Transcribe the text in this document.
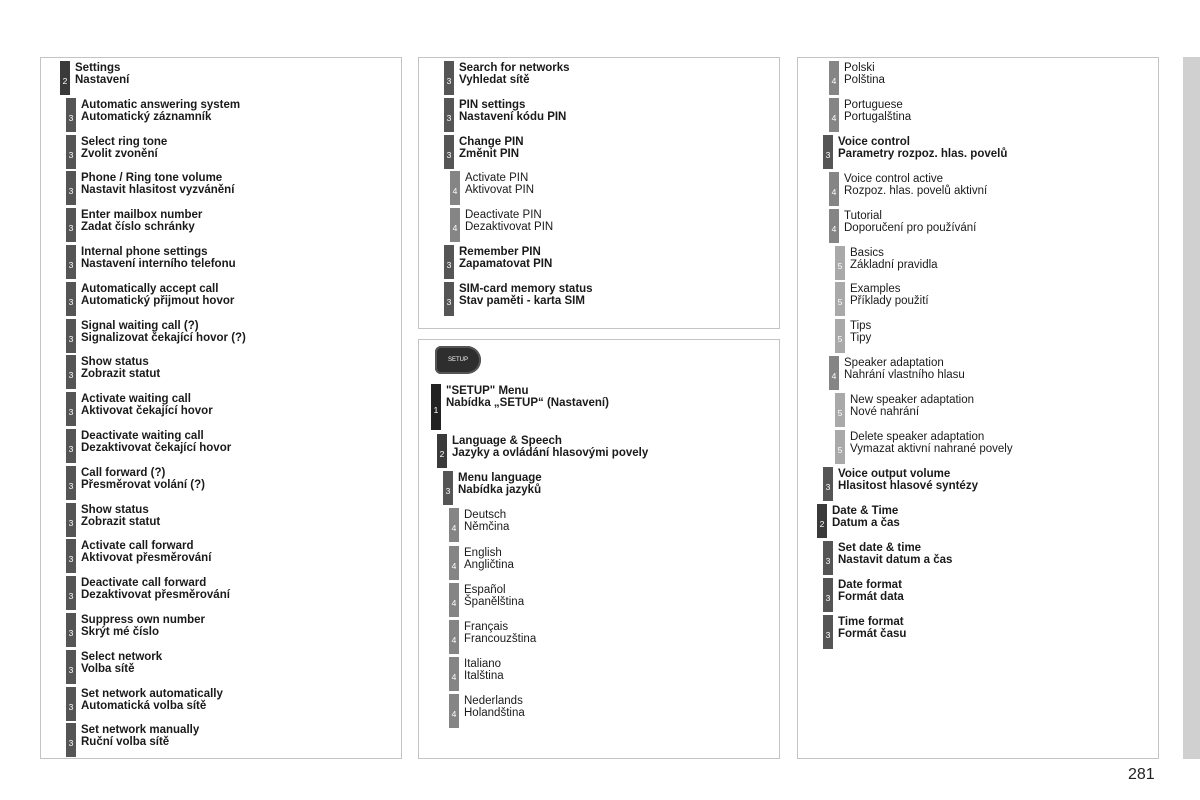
2
Settings
Nastavení
3
Automatic answering system
Automatický záznamník
3
Select ring tone
Zvolit zvonění
3
Phone / Ring tone volume
Nastavit hlasitost vyzvánění
3
Enter mailbox number
Zadat číslo schránky
3
Internal phone settings
Nastavení interního telefonu
3
Automatically accept call
Automatický přijmout hovor
3
Signal waiting call (?)
Signalizovat čekající hovor (?)
3
Show status
Zobrazit statut
3
Activate waiting call
Aktivovat čekající hovor
3
Deactivate waiting call
Dezaktivovat čekající hovor
3
Call forward (?)
Přesměrovat volání (?)
3
Show status
Zobrazit statut
3
Activate call forward
Aktivovat přesměrování
3
Deactivate call forward
Dezaktivovat přesměrování
3
Suppress own number
Skrýt mé číslo
3
Select network
Volba sítě
3
Set network automatically
Automatická volba sítě
3
Set network manually
Ruční volba sítě
3
Search for networks
Vyhledat sítě
3
PIN settings
Nastavení kódu PIN
3
Change PIN
Změnit PIN
4
Activate PIN
Aktivovat PIN
4
Deactivate PIN
Dezaktivovat PIN
3
Remember PIN
Zapamatovat PIN
3
SIM-card memory status
Stav paměti - karta SIM
SETUP
1
"SETUP" Menu
Nabídka „SETUP“ (Nastavení)
2
Language & Speech
Jazyky a ovládání hlasovými povely
3
Menu language
Nabídka jazyků
4
Deutsch
Němčina
4
English
Angličtina
4
Español
Španělština
4
Français
Francouzština
4
Italiano
Italština
4
Nederlands
Holandština
4
Polski
Polština
4
Portuguese
Portugalština
3
Voice control
Parametry rozpoz. hlas. povelů
4
Voice control active
Rozpoz. hlas. povelů aktivní
4
Tutorial
Doporučení pro používání
5
Basics
Základní pravidla
5
Examples
Příklady použití
5
Tips
Tipy
4
Speaker adaptation
Nahrání vlastního hlasu
5
New speaker adaptation
Nové nahrání
5
Delete speaker adaptation
Vymazat aktivní nahrané povely
3
Voice output volume
Hlasitost hlasové syntézy
2
Date & Time
Datum a čas
3
Set date & time
Nastavit datum a čas
3
Date format
Formát data
3
Time format
Formát času
281
